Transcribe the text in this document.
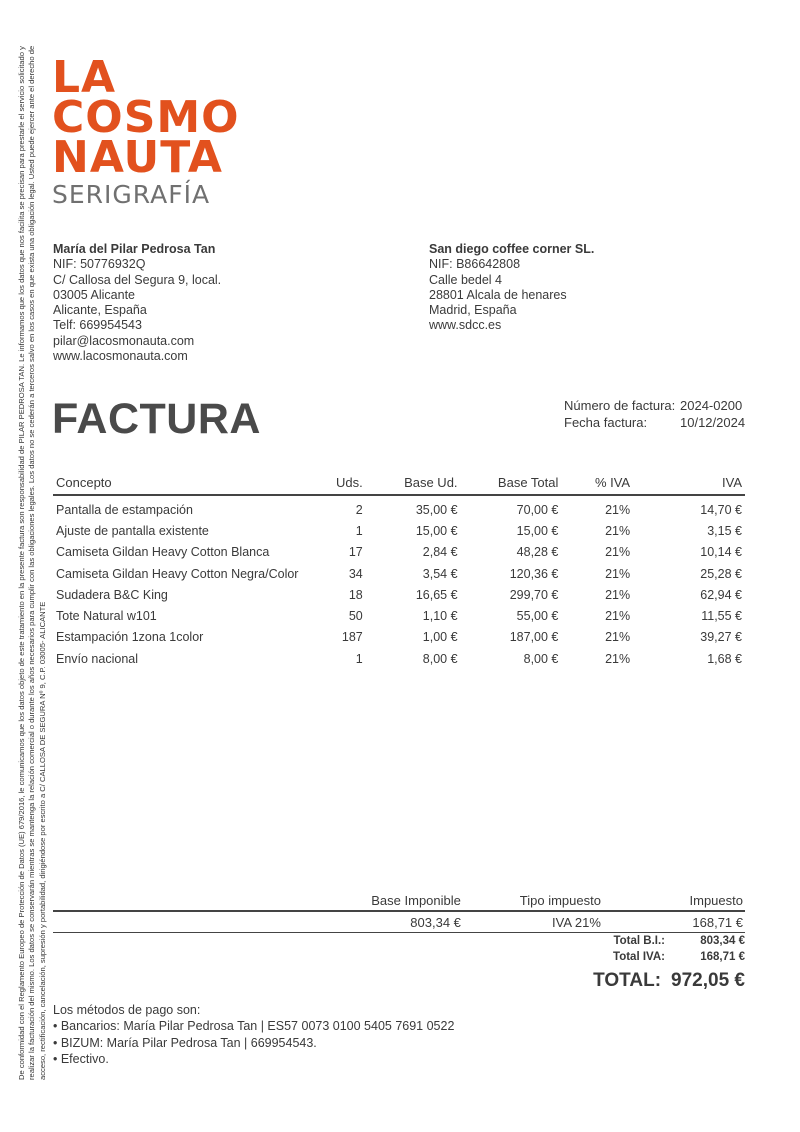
De conformidad con el Reglamento Europeo de Protección de Datos (UE) 679/2016, le comunicamos que los datos objeto de este tratamiento en la presente factura son responsabilidad de PILAR PEDROSA TAN. Le informamos que los datos que nos facilita se precisan para prestarle el servicio solicitado y realizar la facturación del mismo. Los datos se conservarán mientras se mantenga la relación comercial o durante los años necesarios para cumplir con las obligaciones legales. Los datos no se cederán a terceros salvo en los casos en que exista una obligación legal. Usted puede ejercer ante el derecho de acceso, rectificación, cancelación, supresión y portabilidad, dirigiéndose por escrito a C/ CALLOSA DE SEGURA Nº 9, C.P. 03005- ALICANTE
LA
COSMO
NAUTA
SERIGRAFÍA
María del Pilar Pedrosa Tan
NIF: 50776932Q
C/ Callosa del Segura 9, local.
03005 Alicante
Alicante, España
Telf: 669954543
pilar@lacosmonauta.com
www.lacosmonauta.com
San diego coffee corner SL.
NIF: B86642808
Calle bedel 4
28801 Alcala de henares
Madrid, España
www.sdcc.es
FACTURA	Número de factura: 2024-0200
Fecha factura:	10/12/2024
Concepto	Uds.	Base Ud.	Base Total	% IVA	IVA
Pantalla de estampación	2	35,00 €	70,00 €	21%	14,70 €
Ajuste de pantalla existente	1	15,00 €	15,00 €	21%	3,15 €
Camiseta Gildan Heavy Cotton Blanca	17	2,84 €	48,28 €	21%	10,14 €
Camiseta Gildan Heavy Cotton Negra/Color	34	3,54 €	120,36 €	21%	25,28 €
Sudadera B&C King	18	16,65 €	299,70 €	21%	62,94 €
Tote Natural w101	50	1,10 €	55,00 €	21%	11,55 €
Estampación 1zona 1color	187	1,00 €	187,00 €	21%	39,27 €
Envío nacional	1	8,00 €	8,00 €	21%	1,68 €
Base Imponible	Tipo impuesto	Impuesto
803,34 €	IVA 21%	168,71 €
Total B.I.:	803,34 €
Total IVA:	168,71 €
TOTAL: 972,05 €
Los métodos de pago son:
• Bancarios: María Pilar Pedrosa Tan | ES57 0073 0100 5405 7691 0522
• BIZUM: María Pilar Pedrosa Tan | 669954543.
• Efectivo.
